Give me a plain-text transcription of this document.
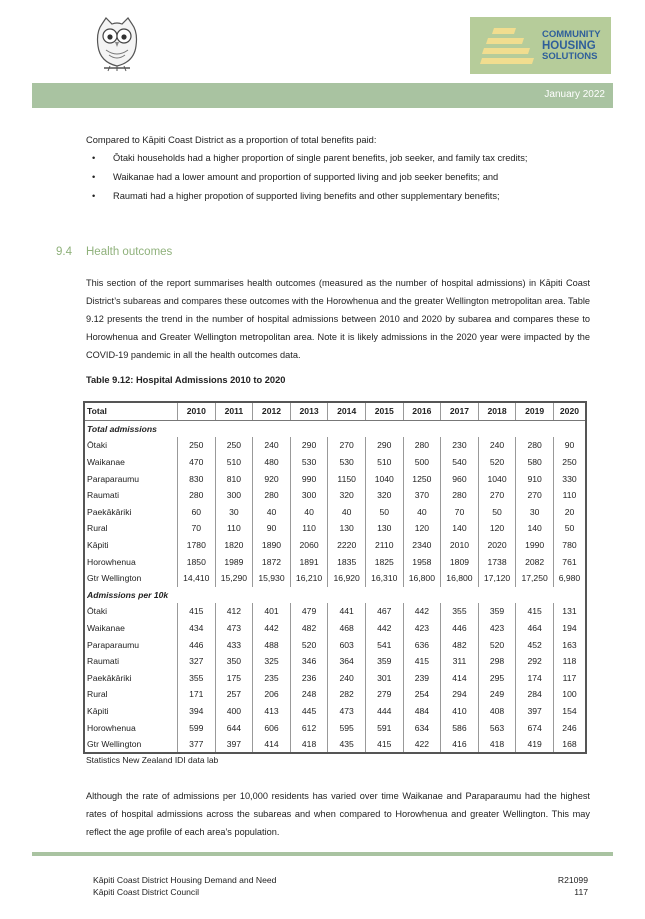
COMMUNITY
HOUSING
SOLUTIONS
January 2022
Compared to Kāpiti Coast District as a proportion of total benefits paid:
• Ōtaki households had a higher proportion of single parent benefits, job seeker, and family tax credits;
• Waikanae had a lower amount and proportion of supported living and job seeker benefits; and
• Raumati had a higher propotion of supported living benefits and other supplementary benefits;
9.4 Health outcomes
This section of the report summarises health outcomes (measured as the number of hospital admissions) in Kāpiti Coast District’s subareas and compares these outcomes with the Horowhenua and the greater Wellington metropolitan area. Table 9.12 presents the trend in the number of hospital admissions between 2010 and 2020 by subarea and compares these to Horowhenua and Greater Wellington metropolitan area. Note it is likely admissions in the 2020 year were impacted by the COVID-19 pandemic in all the health outcomes data.
Table 9.12: Hospital Admissions 2010 to 2020
Total	2010	2011	2012	2013	2014	2015	2016	2017	2018	2019	2020
Total admissions											
Ōtaki	250	250	240	290	270	290	280	230	240	280	90
Waikanae	470	510	480	530	530	510	500	540	520	580	250
Paraparaumu	830	810	920	990	1150	1040	1250	960	1040	910	330
Raumati	280	300	280	300	320	320	370	280	270	270	110
Paekākāriki	60	30	40	40	40	50	40	70	50	30	20
Rural	70	110	90	110	130	130	120	140	120	140	50
Kāpiti	1780	1820	1890	2060	2220	2110	2340	2010	2020	1990	780
Horowhenua	1850	1989	1872	1891	1835	1825	1958	1809	1738	2082	761
Gtr Wellington	14,410	15,290	15,930	16,210	16,920	16,310	16,800	16,800	17,120	17,250	6,980
Admissions per 10k											
Ōtaki	415	412	401	479	441	467	442	355	359	415	131
Waikanae	434	473	442	482	468	442	423	446	423	464	194
Paraparaumu	446	433	488	520	603	541	636	482	520	452	163
Raumati	327	350	325	346	364	359	415	311	298	292	118
Paekākāriki	355	175	235	236	240	301	239	414	295	174	117
Rural	171	257	206	248	282	279	254	294	249	284	100
Kāpiti	394	400	413	445	473	444	484	410	408	397	154
Horowhenua	599	644	606	612	595	591	634	586	563	674	246
Gtr Wellington	377	397	414	418	435	415	422	416	418	419	168
Statistics New Zealand IDI data lab
Although the rate of admissions per 10,000 residents has varied over time Waikanae and Paraparaumu had the highest rates of hospital admissions across the subareas and when compared to Horowhenua and greater Wellington. This may reflect the age profile of each area’s population.
Kāpiti Coast District Housing Demand and Need
Kāpiti Coast District Council
R21099
117
